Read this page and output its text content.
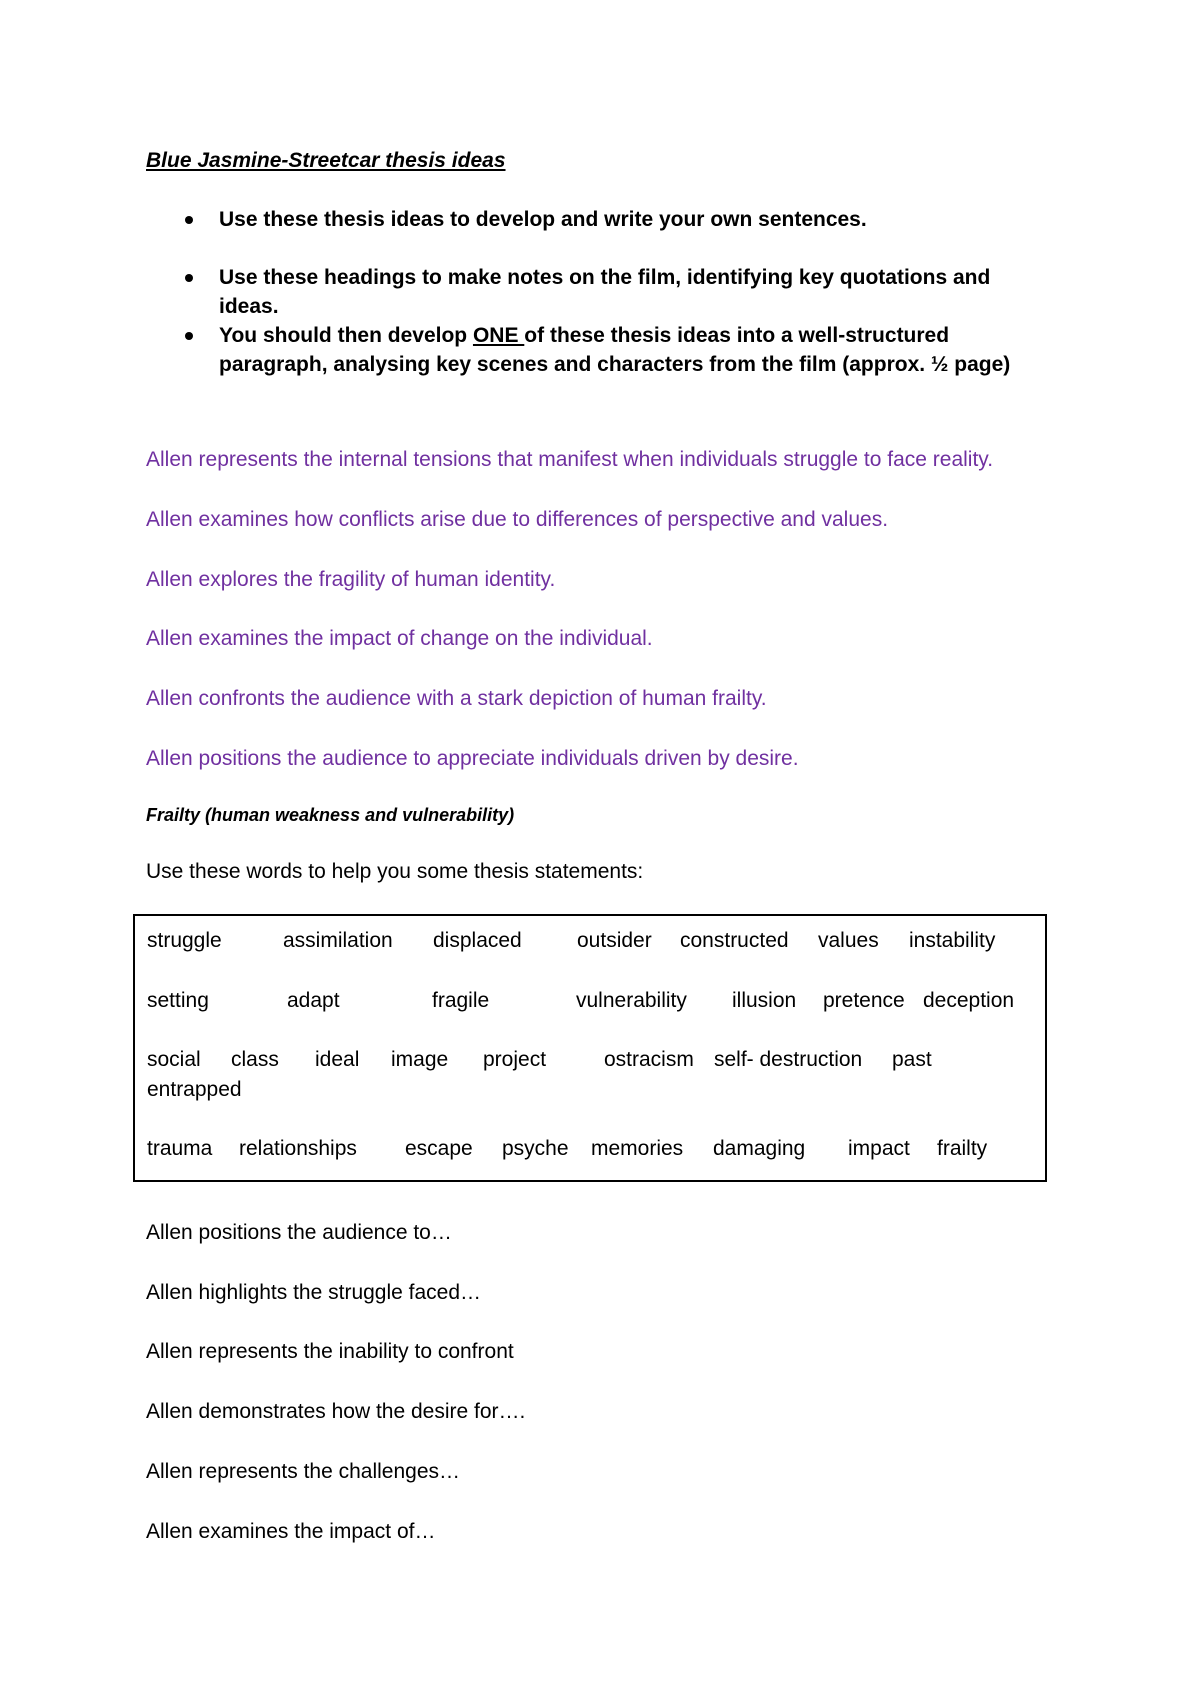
Blue Jasmine-Streetcar thesis ideas
Use these thesis ideas to develop and write your own sentences.
Use these headings to make notes on the film, identifying key quotations and ideas.
You should then develop ONE of these thesis ideas into a well-structured paragraph, analysing key scenes and characters from the film (approx. ½ page)
Allen represents the internal tensions that manifest when individuals struggle to face reality.
Allen examines how conflicts arise due to differences of perspective and values.
Allen explores the fragility of human identity.
Allen examines the impact of change on the individual.
Allen confronts the audience with a stark depiction of human frailty.
Allen positions the audience to appreciate individuals driven by desire.
Frailty (human weakness and vulnerability)
Use these words to help you some thesis statements:
struggle	assimilation displaced	outsider constructed values instability
setting	adapt	fragile	vulnerability illusion pretence deception
social class ideal image project	ostracism self- destruction past
entrapped
trauma relationships escape psyche memories damaging impact frailty
Allen positions the audience to…
Allen highlights the struggle faced…
Allen represents the inability to confront
Allen demonstrates how the desire for….
Allen represents the challenges…
Allen examines the impact of…
